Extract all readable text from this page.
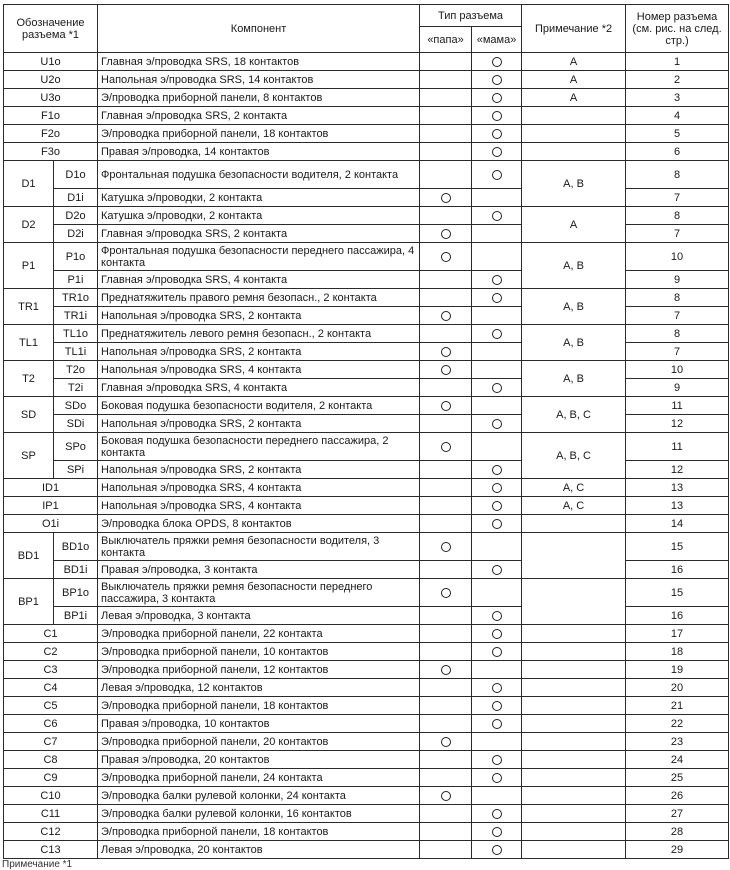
Обозначение разъема *1		Компонент	Тип разъема		Примечание *2	Номер разъема (см. рис. на след. стр.)
			«папа»	«мама»		
U1o		Главная э/проводка SRS, 18 контактов			A	1
U2o		Напольная э/проводка SRS, 14 контактов			A	2
U3o		Э/проводка приборной панели, 8 контактов			A	3
F1o		Главная э/проводка SRS, 2 контакта				4
F2o		Э/проводка приборной панели, 18 контактов				5
F3o		Правая э/проводка, 14 контактов				6
D1	D1o	Фронтальная подушка безопасности водителя, 2 контакта			A, B	8
	D1i	Катушка э/проводки, 2 контакта				7
D2	D2o	Катушка э/проводки, 2 контакта			A	8
	D2i	Главная э/проводка SRS, 2 контакта				7
P1	P1o	Фронтальная подушка безопасности переднего пассажира, 4 контакта			A, B	10
	P1i	Главная э/проводка SRS, 4 контакта				9
TR1	TR1o	Преднатяжитель правого ремня безопасн., 2 контакта			A, B	8
	TR1i	Напольная э/проводка SRS, 2 контакта				7
TL1	TL1o	Преднатяжитель левого ремня безопасн., 2 контакта			A, B	8
	TL1i	Напольная э/проводка SRS, 2 контакта				7
T2	T2o	Напольная э/проводка SRS, 4 контакта			A, B	10
	T2i	Главная э/проводка SRS, 4 контакта				9
SD	SDo	Боковая подушка безопасности водителя, 2 контакта			A, B, C	11
	SDi	Напольная э/проводка SRS, 2 контакта				12
SP	SPo	Боковая подушка безопасности переднего пассажира, 2 контакта			A, B, C	11
	SPi	Напольная э/проводка SRS, 2 контакта				12
ID1		Напольная э/проводка SRS, 4 контакта			A, C	13
IP1		Напольная э/проводка SRS, 4 контакта			A, C	13
O1i		Э/проводка блока OPDS, 8 контактов				14
BD1	BD1o	Выключатель пряжки ремня безопасности водителя, 3 контакта				15
	BD1i	Правая э/проводка, 3 контакта				16
BP1	BP1o	Выключатель пряжки ремня безопасности переднего пассажира, 3 контакта				15
	BP1i	Левая э/проводка, 3 контакта				16
C1		Э/проводка приборной панели, 22 контакта				17
C2		Э/проводка приборной панели, 10 контактов				18
C3		Э/проводка приборной панели, 12 контактов				19
C4		Левая э/проводка, 12 контактов				20
C5		Э/проводка приборной панели, 18 контактов				21
C6		Правая э/проводка, 10 контактов				22
C7		Э/проводка приборной панели, 20 контактов				23
C8		Правая э/проводка, 20 контактов				24
C9		Э/проводка приборной панели, 24 контакта				25
C10		Э/проводка балки рулевой колонки, 24 контакта				26
C11		Э/проводка балки рулевой колонки, 16 контактов				27
C12		Э/проводка приборной панели, 18 контактов				28
C13		Левая э/проводка, 20 контактов				29
Примечание *1
